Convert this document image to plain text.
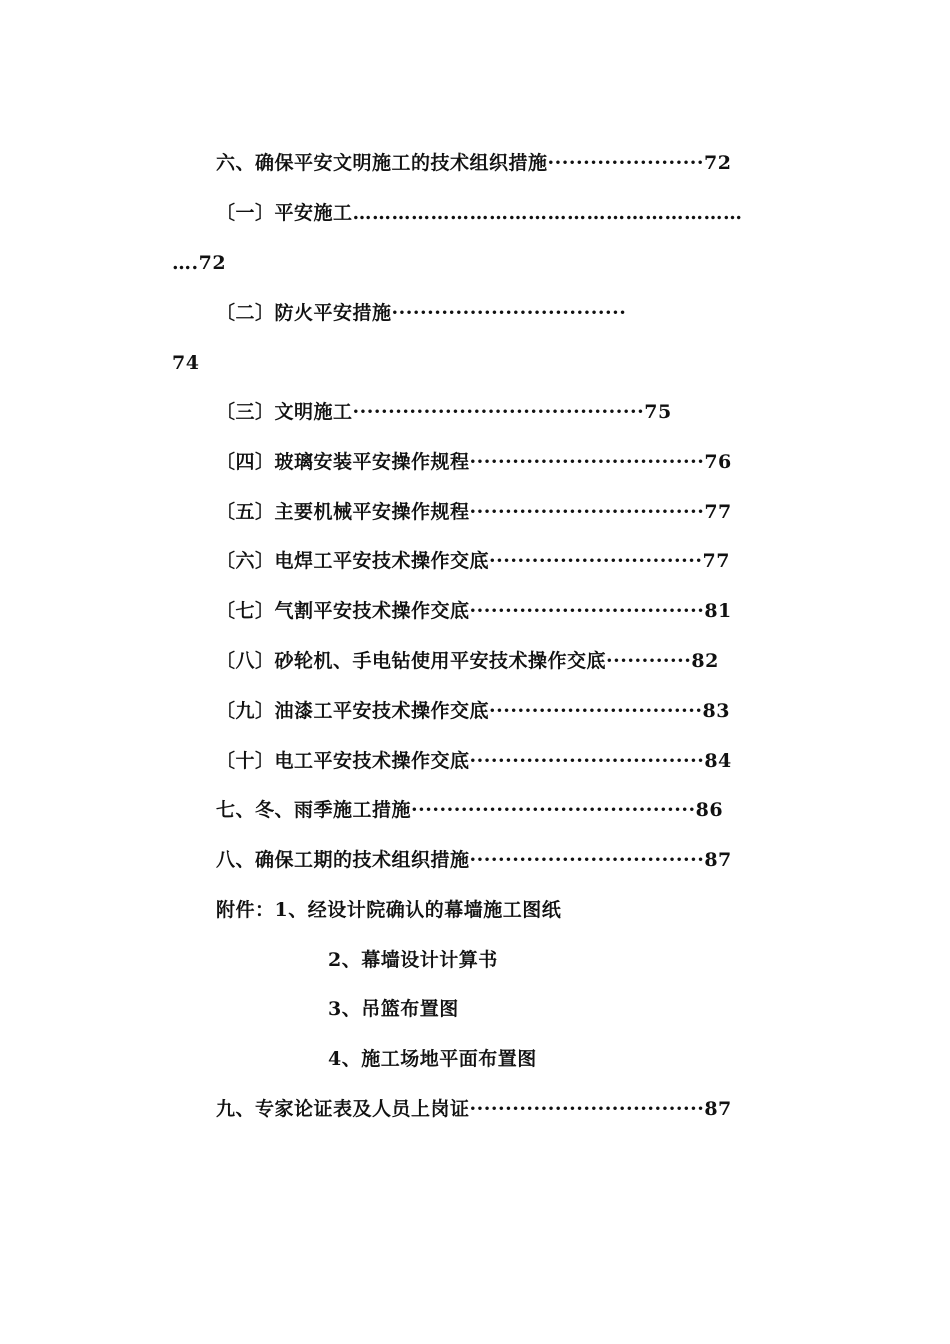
六、确保平安文明施工的技术组织措施······················72
〔一〕平安施工……………………………………………………
….72
〔二〕防火平安措施·································
74
〔三〕文明施工·········································75
〔四〕玻璃安装平安操作规程·································76
〔五〕主要机械平安操作规程·································77
〔六〕电焊工平安技术操作交底······························77
〔七〕气割平安技术操作交底·································81
〔八〕砂轮机、手电钻使用平安技术操作交底············82
〔九〕油漆工平安技术操作交底······························83
〔十〕电工平安技术操作交底·································84
七、冬、雨季施工措施········································86
八、确保工期的技术组织措施·································87
附件：1、经设计院确认的幕墙施工图纸
2、幕墙设计计算书
3、吊篮布置图
4、施工场地平面布置图
九、专家论证表及人员上岗证·································87
